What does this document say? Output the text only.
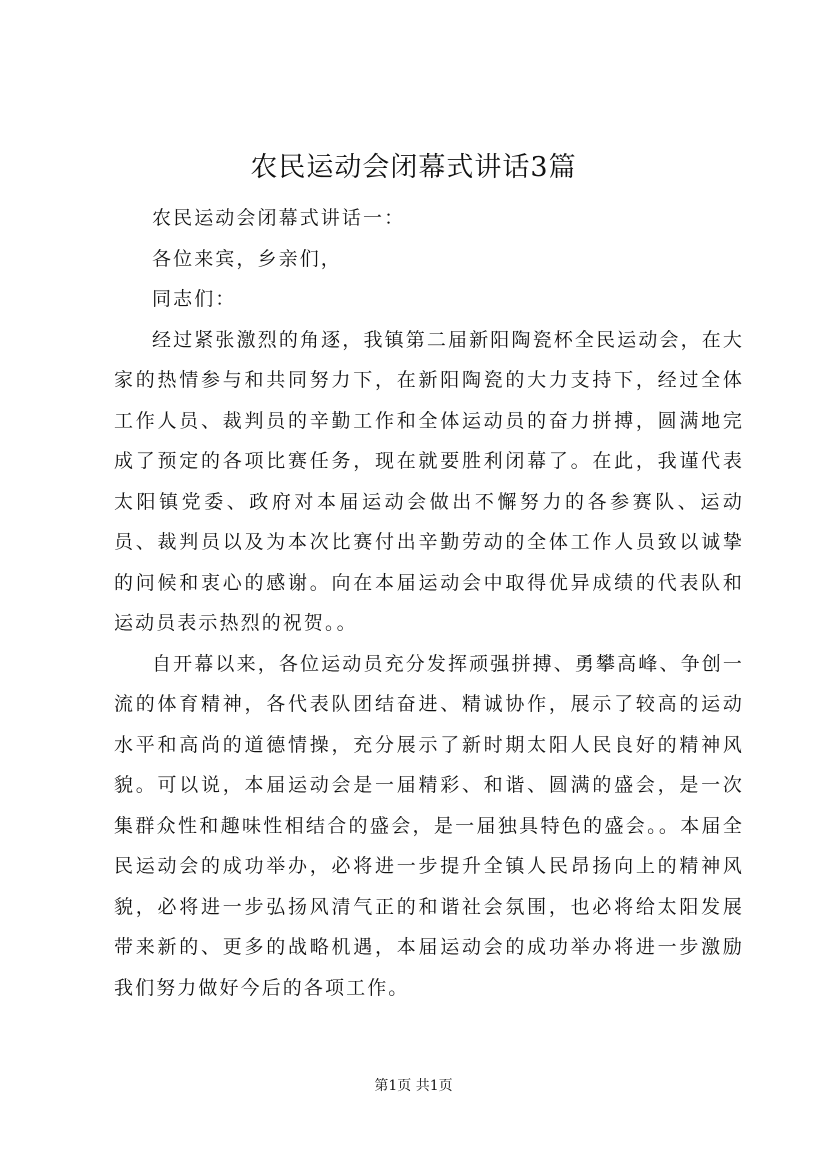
农民运动会闭幕式讲话3篇

农民运动会闭幕式讲话一：

各位来宾，乡亲们，

同志们：

经过紧张激烈的角逐，我镇第二届新阳陶瓷杯全民运动会，在大家的热情参与和共同努力下，在新阳陶瓷的大力支持下，经过全体工作人员、裁判员的辛勤工作和全体运动员的奋力拼搏，圆满地完成了预定的各项比赛任务，现在就要胜利闭幕了。在此，我谨代表太阳镇党委、政府对本届运动会做出不懈努力的各参赛队、运动员、裁判员以及为本次比赛付出辛勤劳动的全体工作人员致以诚挚的问候和衷心的感谢。向在本届运动会中取得优异成绩的代表队和运动员表示热烈的祝贺。。

自开幕以来，各位运动员充分发挥顽强拼搏、勇攀高峰、争创一流的体育精神，各代表队团结奋进、精诚协作，展示了较高的运动水平和高尚的道德情操，充分展示了新时期太阳人民良好的精神风貌。可以说，本届运动会是一届精彩、和谐、圆满的盛会，是一次集群众性和趣味性相结合的盛会，是一届独具特色的盛会。。本届全民运动会的成功举办，必将进一步提升全镇人民昂扬向上的精神风貌，必将进一步弘扬风清气正的和谐社会氛围，也必将给太阳发展带来新的、更多的战略机遇，本届运动会的成功举办将进一步激励我们努力做好今后的各项工作。

第1页 共1页
